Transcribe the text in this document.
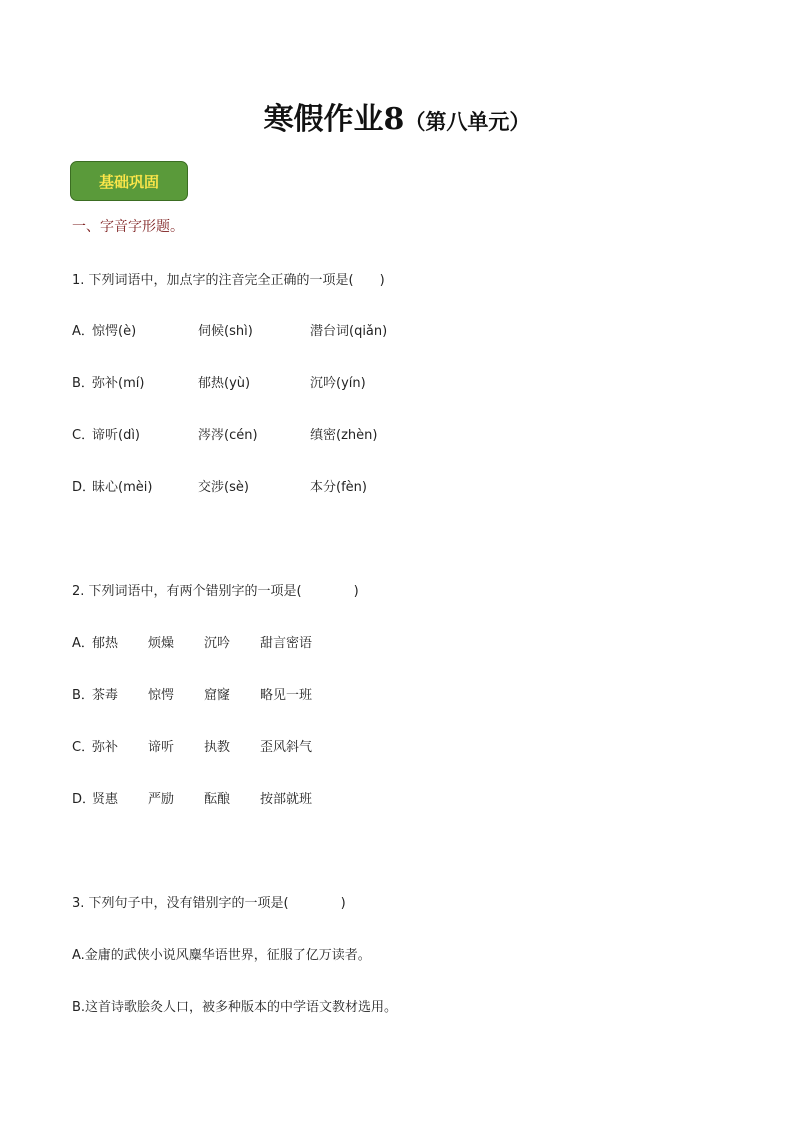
寒假作业8（第八单元）
基础巩固
一、字音字形题。
1. 下列词语中，加点字的注音完全正确的一项是(　　)
A．
惊愕(è)	伺候(shì)	潜台词(qiǎn)
B．
弥补(mí)	郁热(yù)	沉吟(yín)
C．
谛听(dì)	涔涔(cén)	缜密(zhèn)
D．
昧心(mèi)	交涉(sè)	本分(fèn)
2. 下列词语中，有两个错别字的一项是(　　　　)
A．
郁热 烦燥 沉吟 甜言密语
B．
茶毒 惊愕 窟窿 略见一班
C．
弥补 谛听 执教 歪风斜气
D．
贤惠 严励 酝酿 按部就班
3. 下列句子中，没有错别字的一项是(　　　　)
A.金庸的武侠小说风麋华语世界，征服了亿万读者。
B.这首诗歌脍灸人口，被多种版本的中学语文教材选用。
